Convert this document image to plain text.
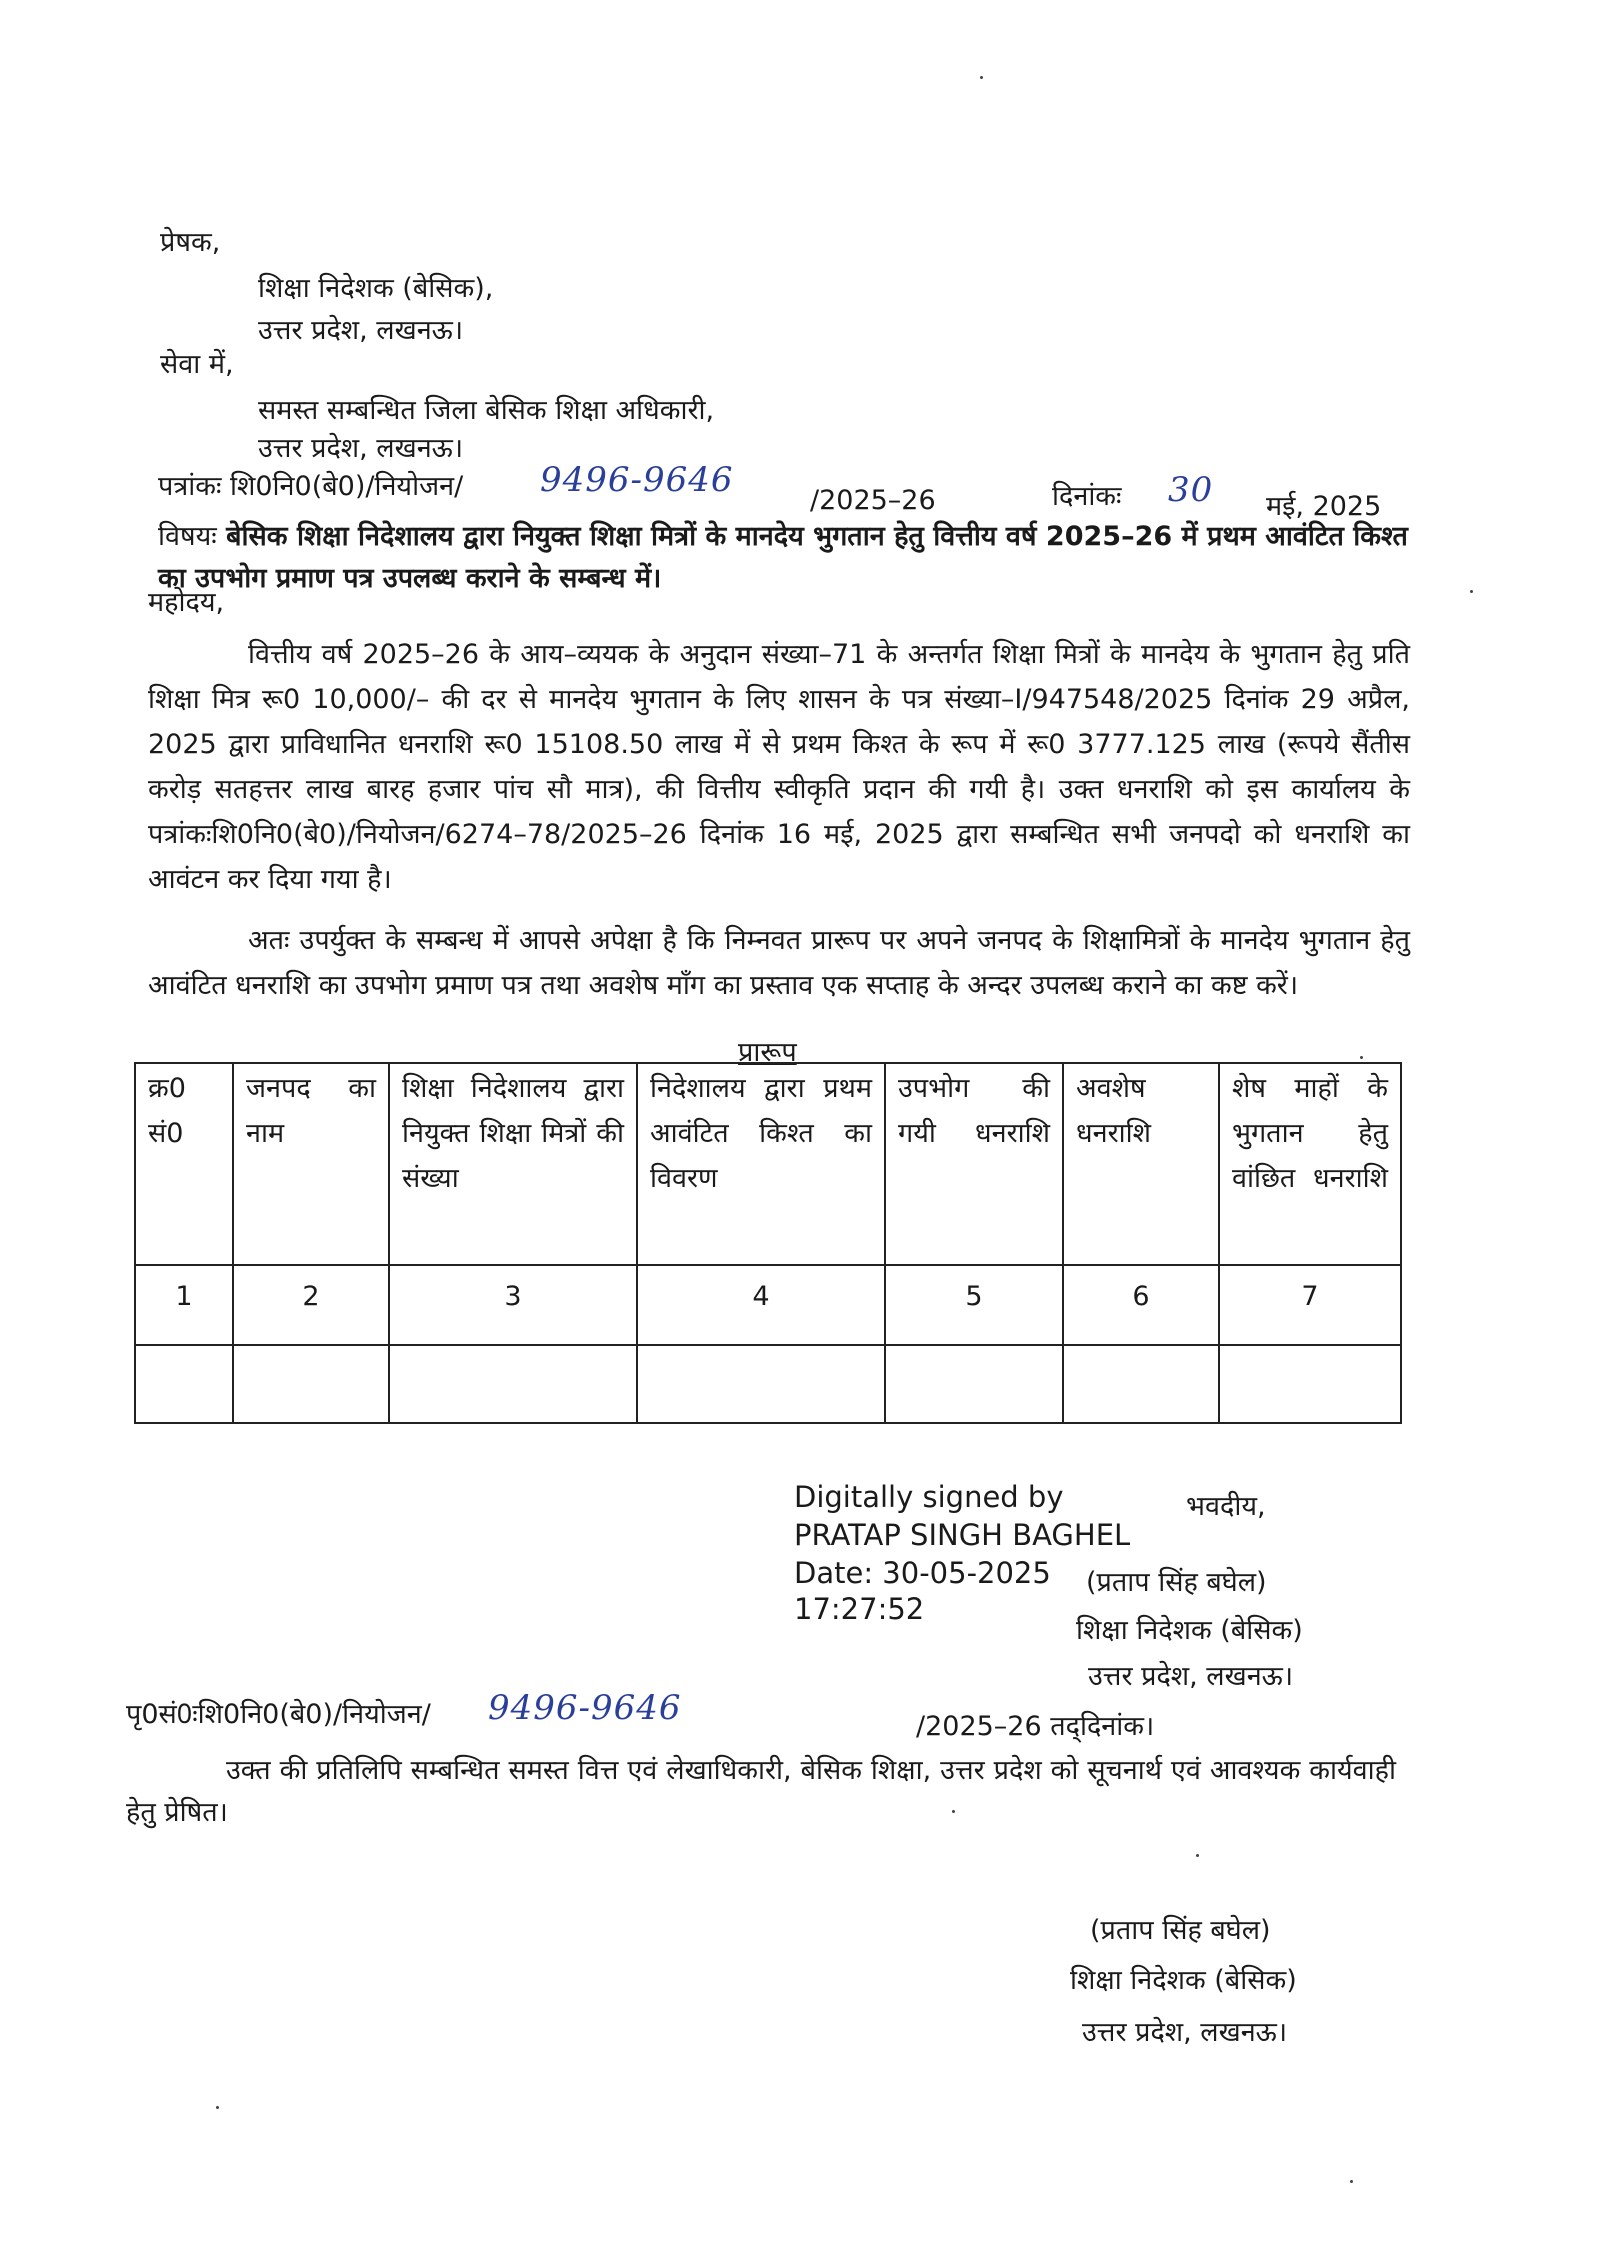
प्रेषक,
शिक्षा निदेशक (बेसिक),
उत्तर प्रदेश, लखनऊ।
सेवा में,
समस्त सम्बन्धित जिला बेसिक शिक्षा अधिकारी,
उत्तर प्रदेश, लखनऊ।
पत्रांकः शि0नि0(बे0)/नियोजन/ 9496-9646
/2025–26	दिनांकः 30 मई, 2025
विषयः बेसिक शिक्षा निदेशालय द्वारा नियुक्त शिक्षा मित्रों के मानदेय भुगतान हेतु वित्तीय वर्ष 2025–26 में प्रथम आवंटित किश्त का उपभोग प्रमाण पत्र उपलब्ध कराने के सम्बन्ध में।
महोदय,
वित्तीय वर्ष 2025–26 के आय–व्ययक के अनुदान संख्या–71 के अन्तर्गत शिक्षा मित्रों के मानदेय के भुगतान हेतु प्रति शिक्षा मित्र रू0 10,000/– की दर से मानदेय भुगतान के लिए शासन के पत्र संख्या–I/947548/2025 दिनांक 29 अप्रैल, 2025 द्वारा प्राविधानित धनराशि रू0 15108.50 लाख में से प्रथम किश्त के रूप में रू0 3777.125 लाख (रूपये सैंतीस करोड़ सतहत्तर लाख बारह हजार पांच सौ मात्र), की वित्तीय स्वीकृति प्रदान की गयी है। उक्त धनराशि को इस कार्यालय के पत्रांकःशि0नि0(बे0)/नियोजन/6274–78/2025–26 दिनांक 16 मई, 2025 द्वारा सम्बन्धित सभी जनपदो को धनराशि का आवंटन कर दिया गया है।
अतः उपर्युक्त के सम्बन्ध में आपसे अपेक्षा है कि निम्नवत प्रारूप पर अपने जनपद के शिक्षामित्रों के मानदेय भुगतान हेतु आवंटित धनराशि का उपभोग प्रमाण पत्र तथा अवशेष माँग का प्रस्ताव एक सप्ताह के अन्दर उपलब्ध कराने का कष्ट करें।
प्रारूप
क्र0 सं0	जनपद का नाम	शिक्षा निदेशालय द्वारा नियुक्त शिक्षा मित्रों की संख्या	निदेशालय द्वारा प्रथम आवंटित किश्त का विवरण	उपभोग की गयी धनराशि	अवशेष धनराशि	शेष माहों के भुगतान हेतु वांछित धनराशि
1	2	3	4	5	6	7

Digitally signed by
PRATAP SINGH BAGHEL
Date: 30-05-2025
17:27:52
भवदीय,
(प्रताप सिंह बघेल)
शिक्षा निदेशक (बेसिक)
उत्तर प्रदेश, लखनऊ।
पृ0सं0ःशि0नि0(बे0)/नियोजन/ 9496-9646	/2025–26 तद्‌दिनांक।
उक्त की प्रतिलिपि सम्बन्धित समस्त वित्त एवं लेखाधिकारी, बेसिक शिक्षा, उत्तर प्रदेश को सूचनार्थ एवं आवश्यक कार्यवाही हेतु प्रेषित।
(प्रताप सिंह बघेल)
शिक्षा निदेशक (बेसिक)
उत्तर प्रदेश, लखनऊ।
